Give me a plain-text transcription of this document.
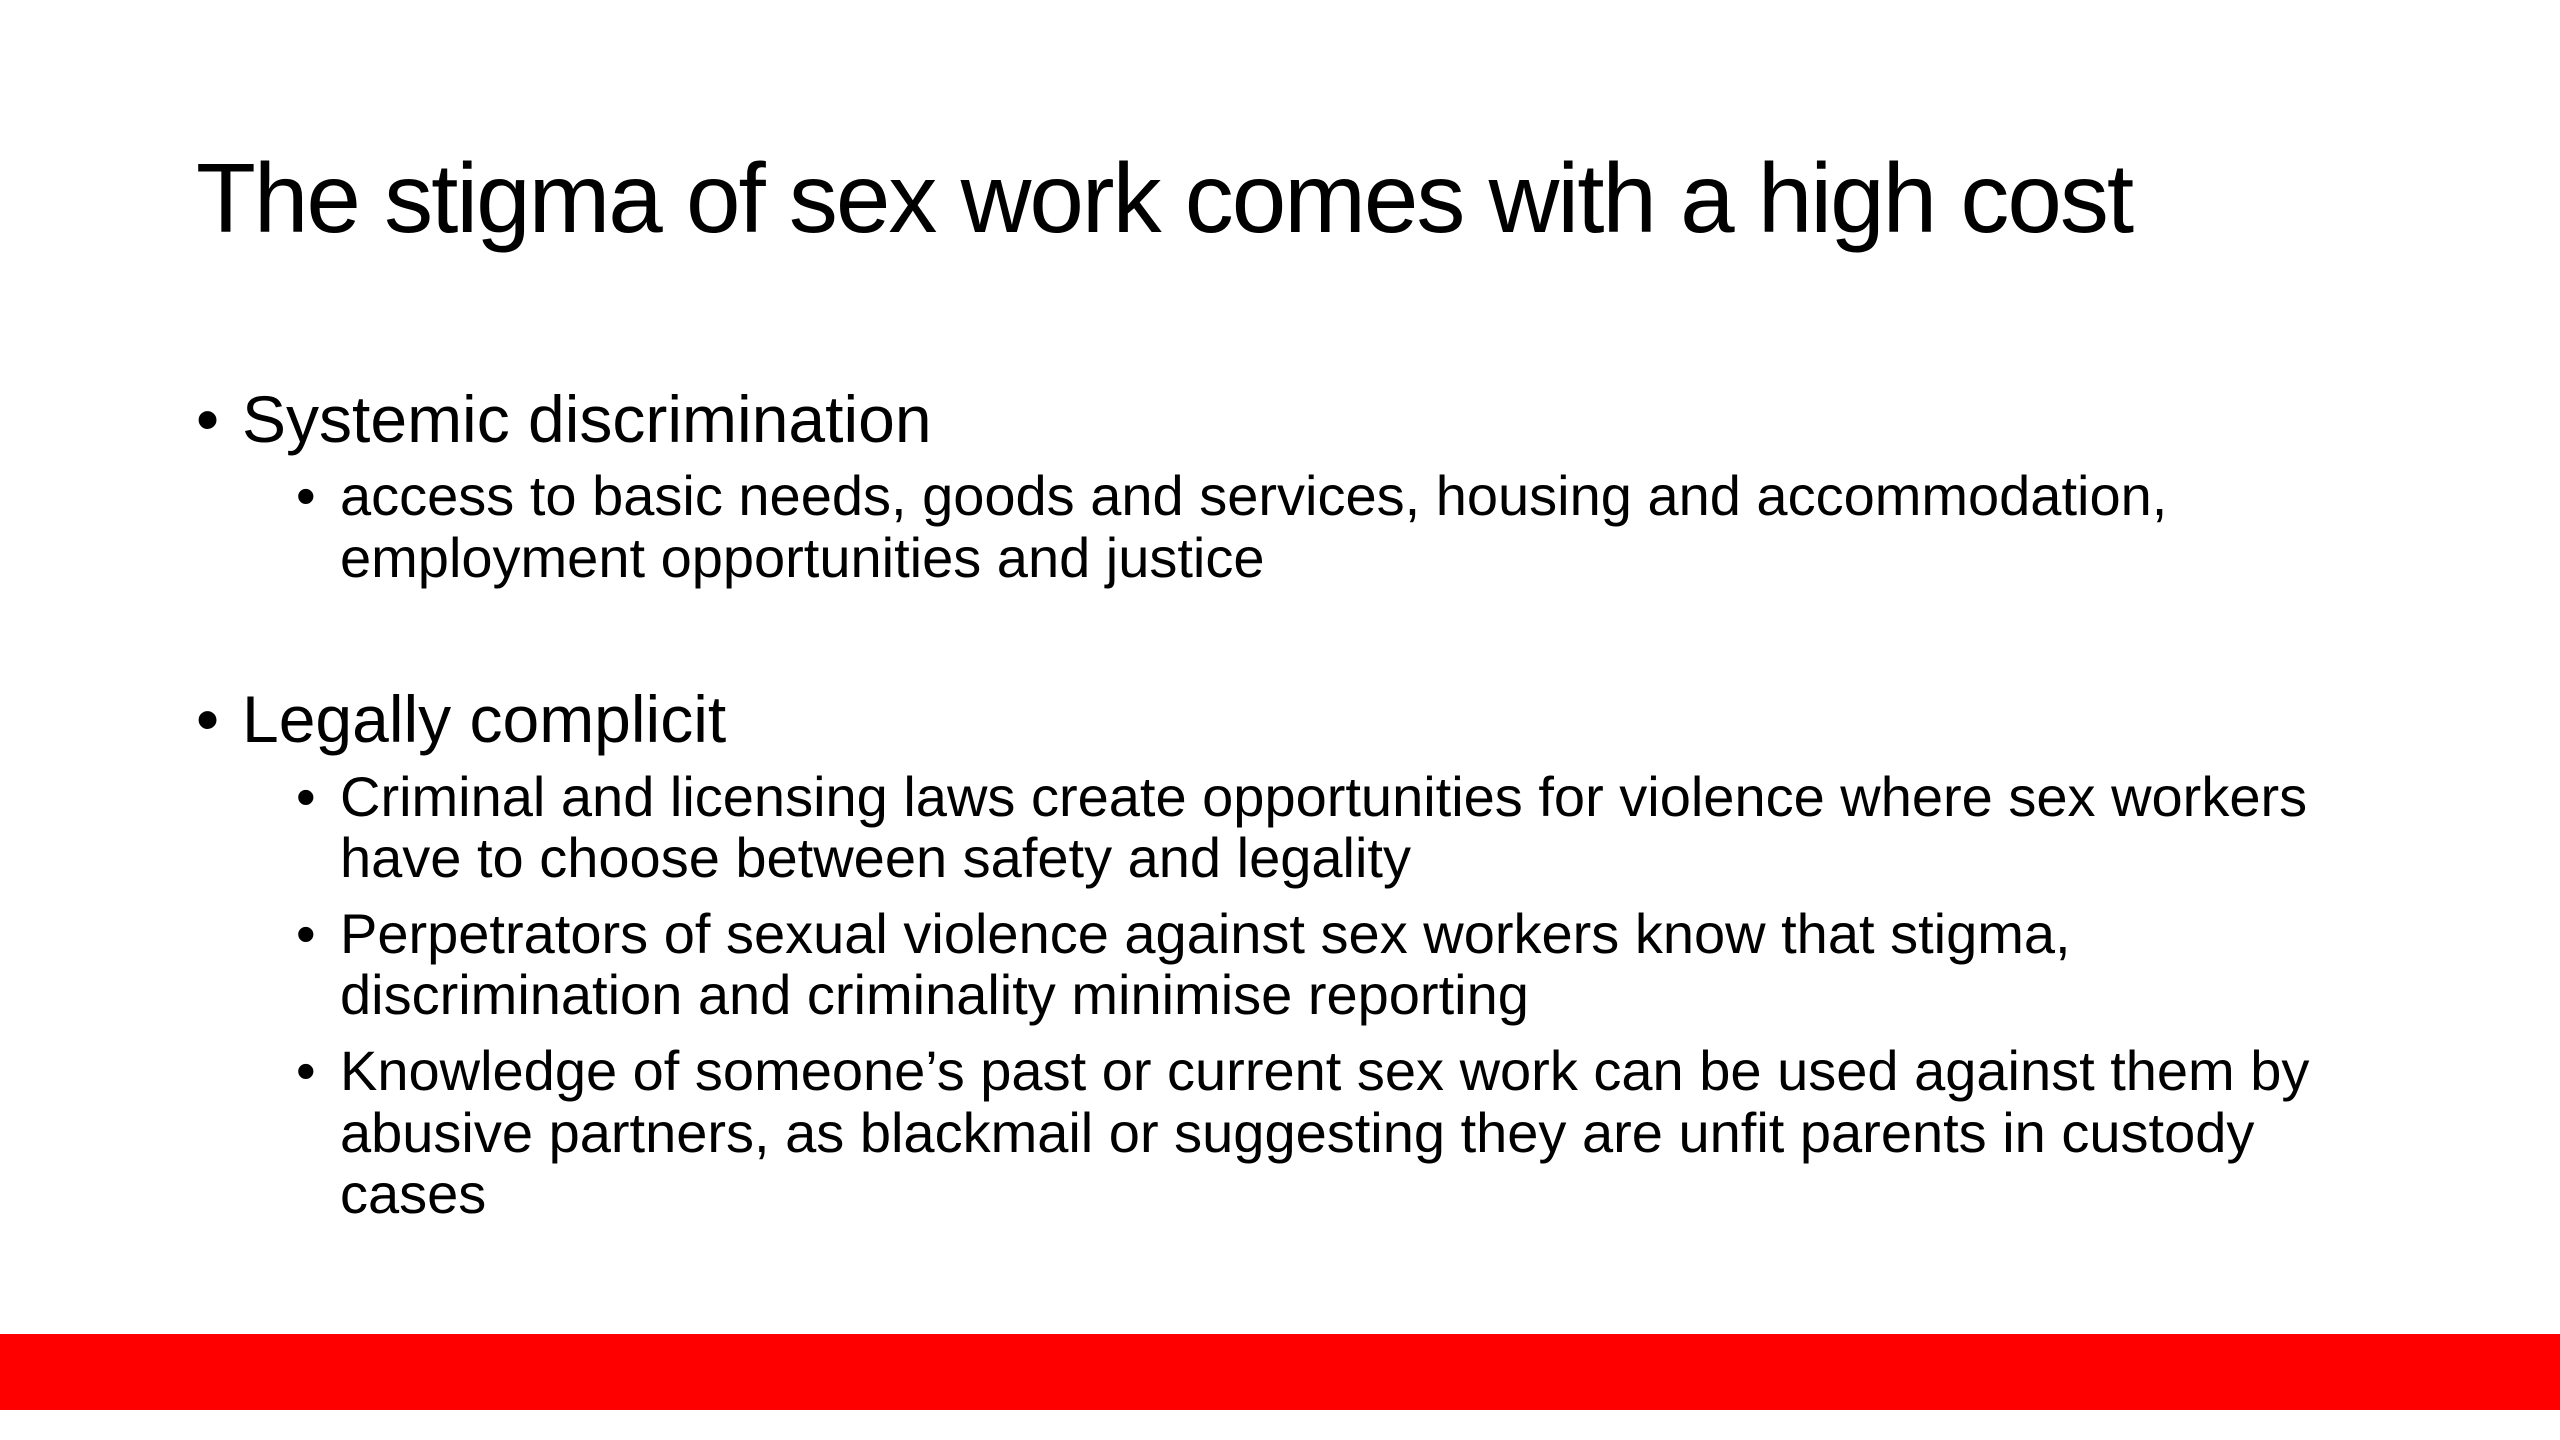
The stigma of sex work comes with a high cost

• Systemic discrimination

• access to basic needs, goods and services, housing and accommodation, employment opportunities and justice

• Legally complicit

• Criminal and licensing laws create opportunities for violence where sex workers have to choose between safety and legality
• Perpetrators of sexual violence against sex workers know that stigma, discrimination and criminality minimise reporting
• Knowledge of someone’s past or current sex work can be used against them by abusive partners, as blackmail or suggesting they are unfit parents in custody cases
